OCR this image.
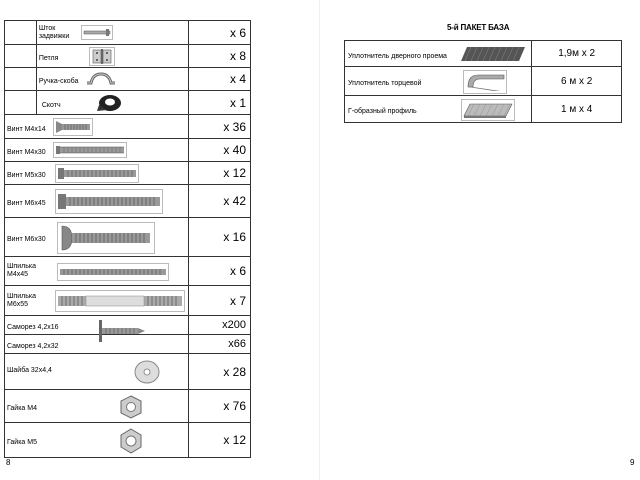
	Шток задвижки	x 6
	Петля	x 8
	Ручка-скоба	x 4
	Скотч	x 1
Винт М4х14		x 36
Винт М4х30		x 40
Винт М5х30		x 12
Винт М6х45		x 42
Винт М6х30		x 16

Шпилька М4х45		x 6

Шпилька М6х55		x 7
Саморез 4,2х16		x200
Саморез 4,2х32		x66
$^{Шайба 32х4,4}$		x 28
Гайка М4		x 76
Гайка М5		x 12
8
5-й ПАКЕТ БАЗА
Уплотнитель дверного проема	1,9м х 2
Уплотнитель торцевой	6 м х 2
Г-образный профиль	1 м х 4
9
